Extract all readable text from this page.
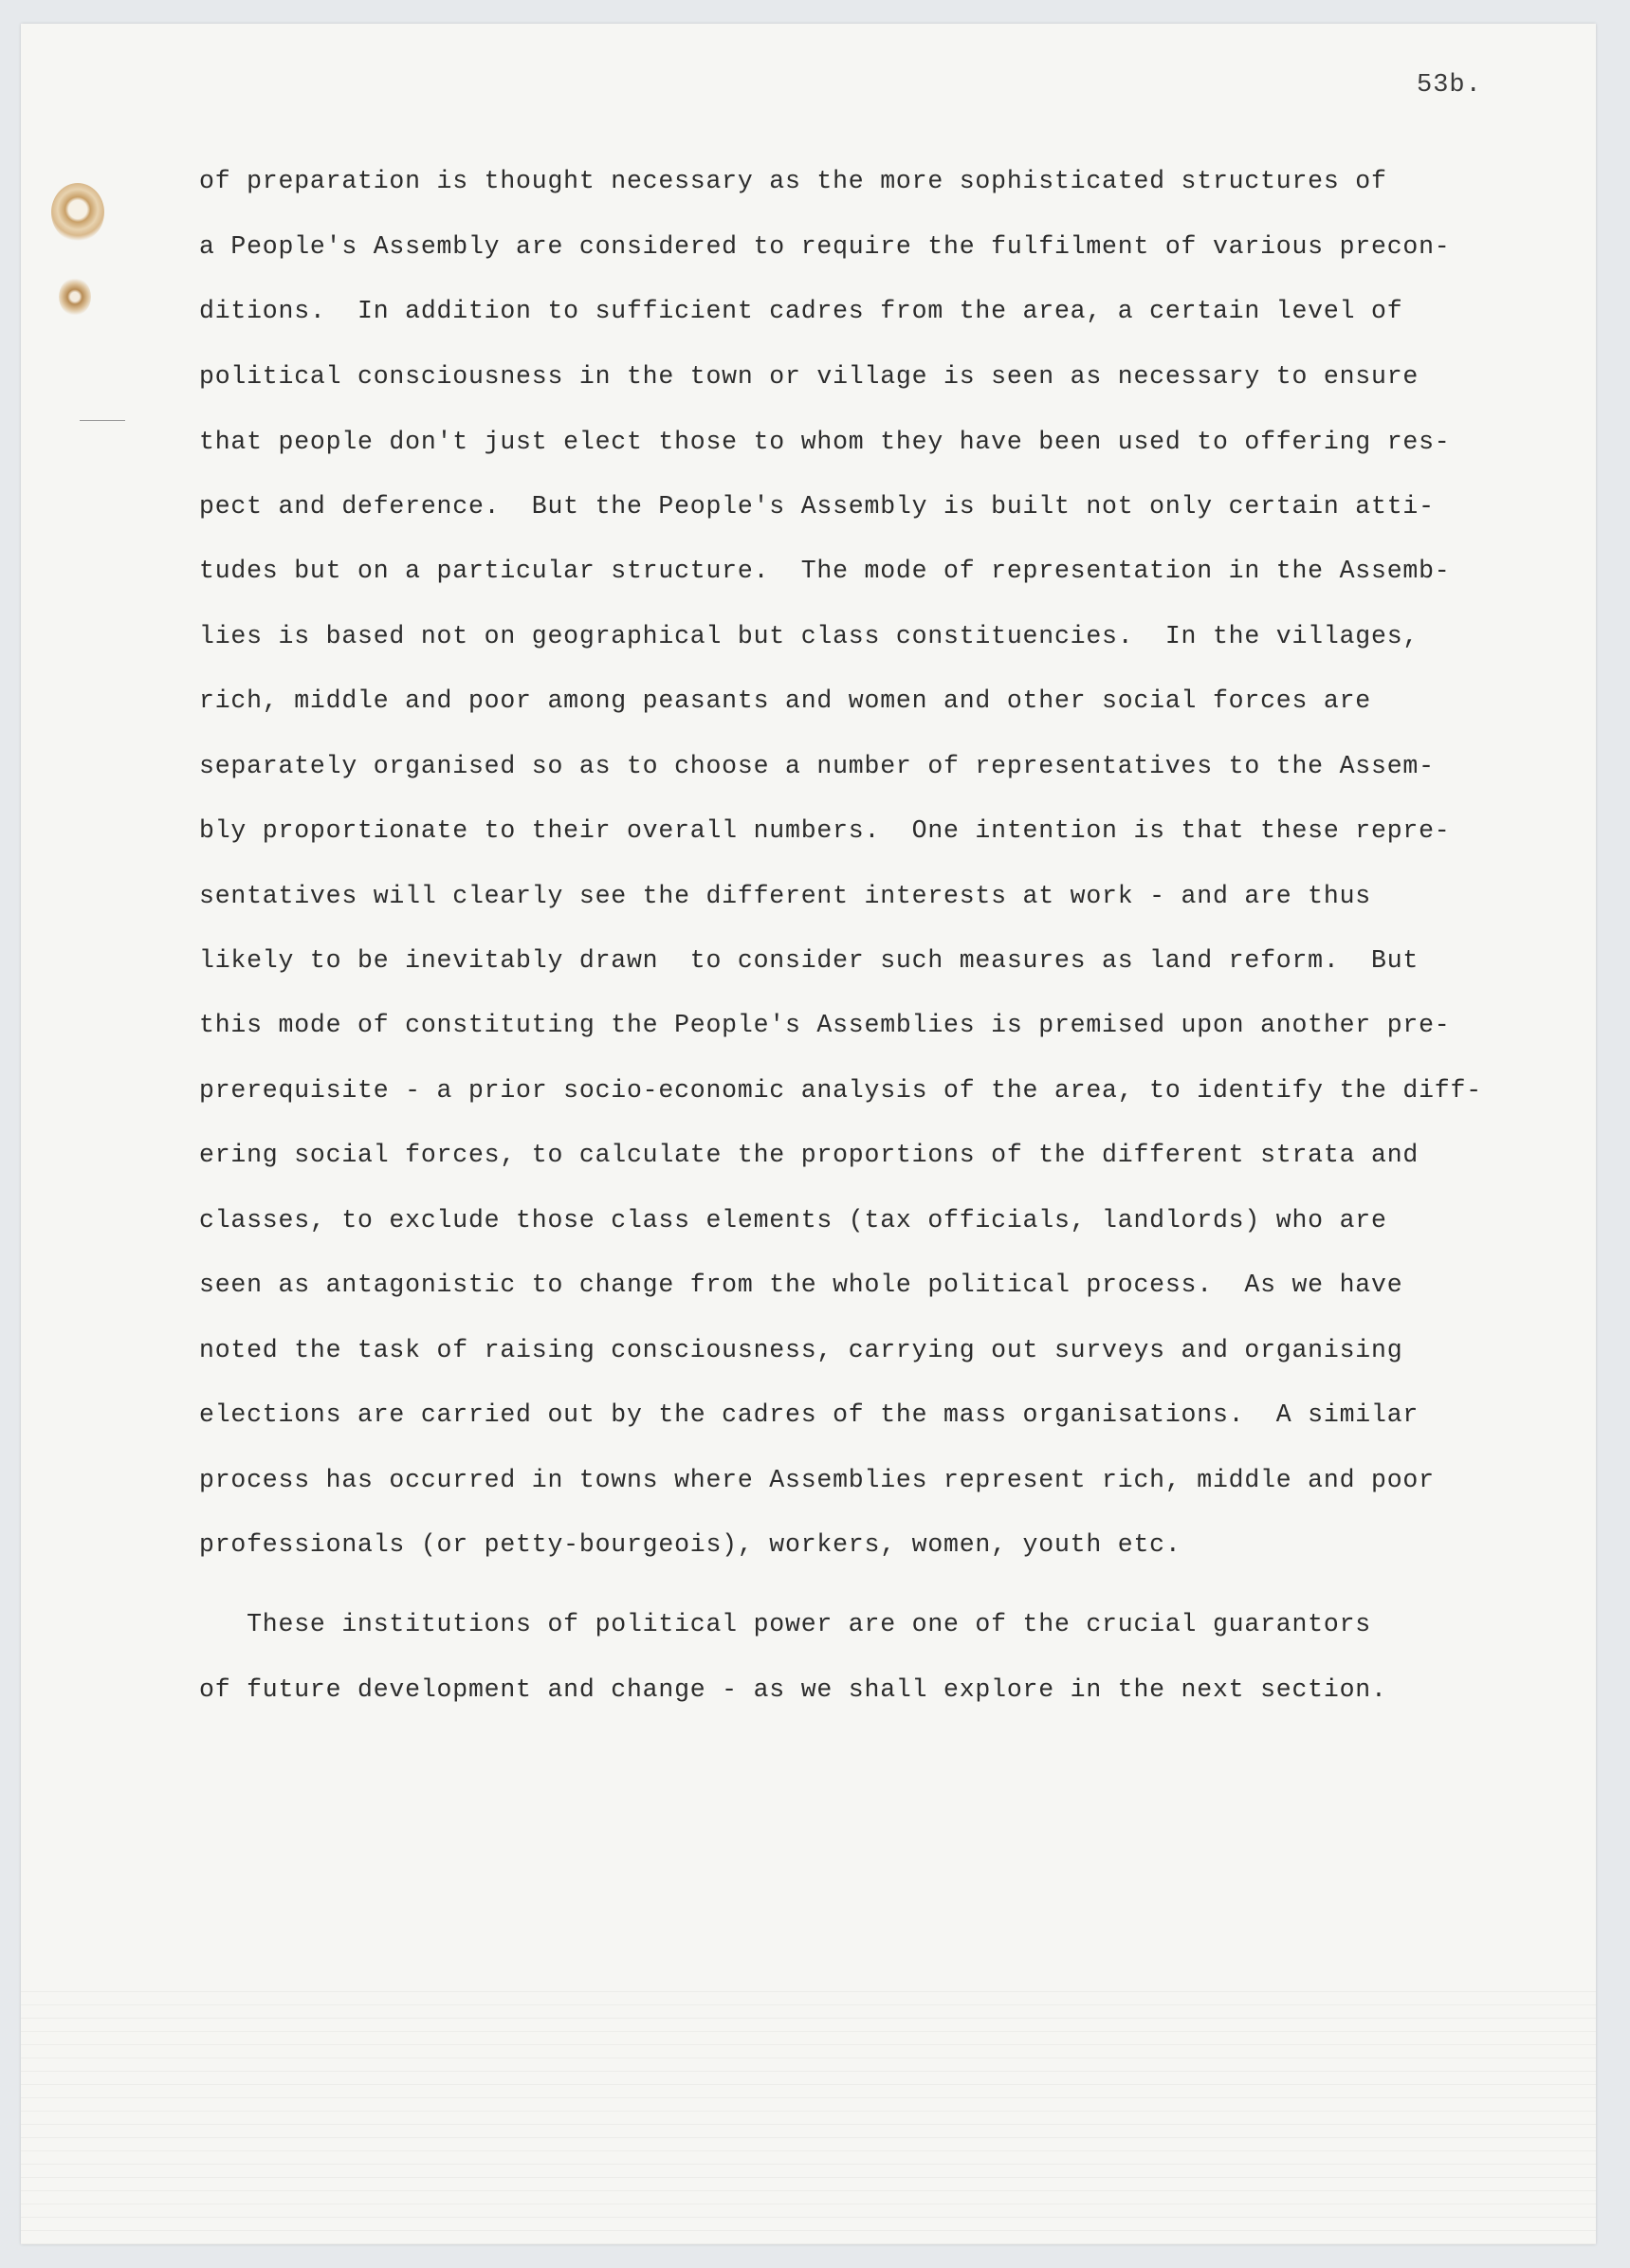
53b.
of preparation is thought necessary as the more sophisticated structures of
a People's Assembly are considered to require the fulfilment of various precon-
ditions.  In addition to sufficient cadres from the area, a certain level of
political consciousness in the town or village is seen as necessary to ensure
that people don't just elect those to whom they have been used to offering res-
pect and deference.  But the People's Assembly is built not only certain atti-
tudes but on a particular structure.  The mode of representation in the Assemb-
lies is based not on geographical but class constituencies.  In the villages,
rich, middle and poor among peasants and women and other social forces are
separately organised so as to choose a number of representatives to the Assem-
bly proportionate to their overall numbers.  One intention is that these repre-
sentatives will clearly see the different interests at work - and are thus
likely to be inevitably drawn  to consider such measures as land reform.  But
this mode of constituting the People's Assemblies is premised upon another pre-
prerequisite - a prior socio-economic analysis of the area, to identify the diff-
ering social forces, to calculate the proportions of the different strata and
classes, to exclude those class elements (tax officials, landlords) who are
seen as antagonistic to change from the whole political process.  As we have
noted the task of raising consciousness, carrying out surveys and organising
elections are carried out by the cadres of the mass organisations.  A similar
process has occurred in towns where Assemblies represent rich, middle and poor
professionals (or petty-bourgeois), workers, women, youth etc.
These institutions of political power are one of the crucial guarantors
of future development and change - as we shall explore in the next section.
